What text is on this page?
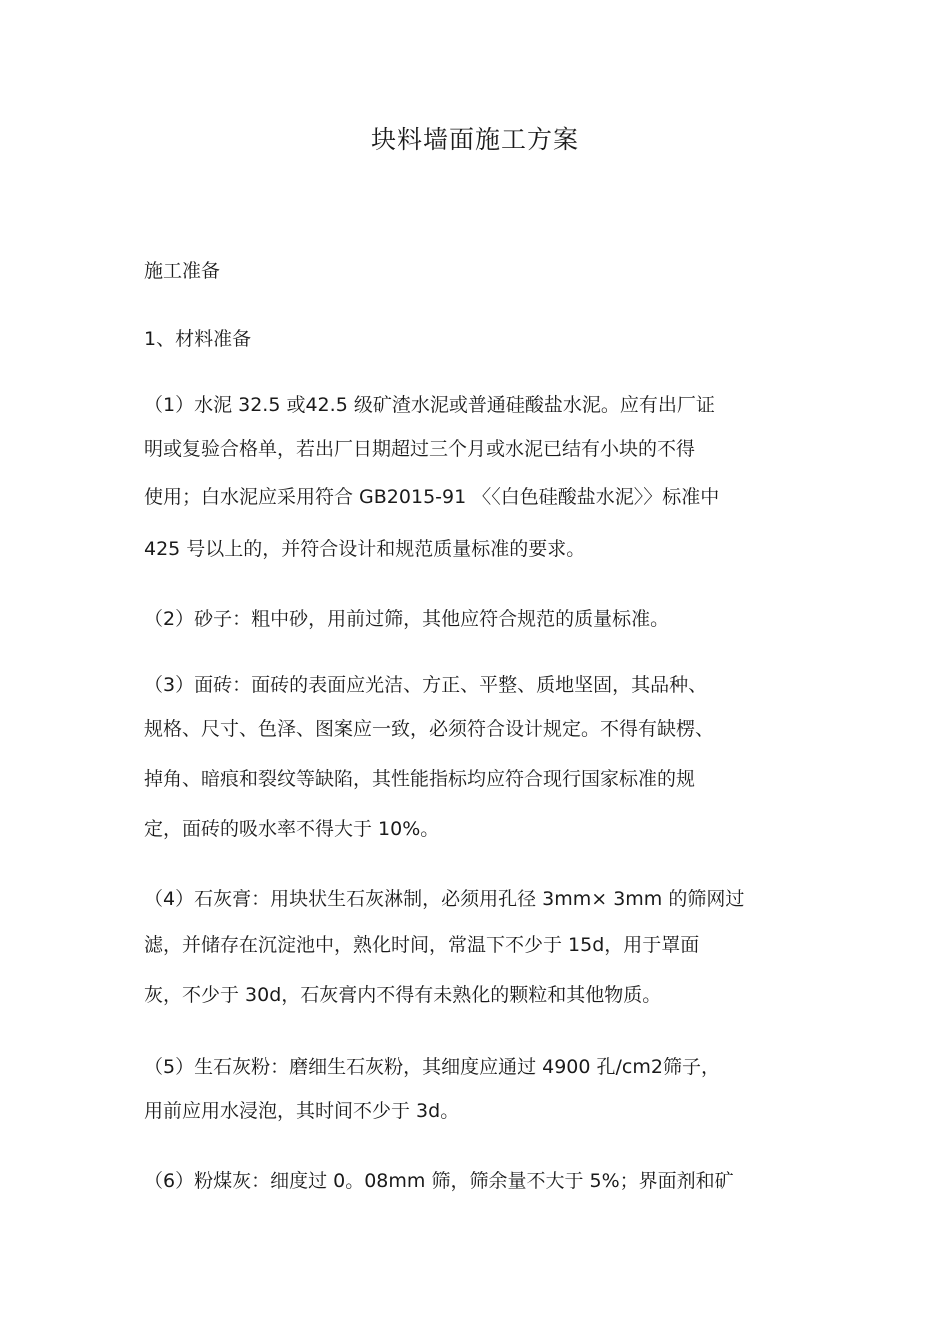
块料墙面施工方案
施工准备
1、材料准备
（1）水泥 32.5 或42.5 级矿渣水泥或普通硅酸盐水泥。应有出厂证
明或复验合格单，若出厂日期超过三个月或水泥已结有小块的不得
使用；白水泥应采用符合 GB2015-91 〈〈白色硅酸盐水泥〉〉标准中
425 号以上的，并符合设计和规范质量标准的要求。
（2）砂子：粗中砂，用前过筛，其他应符合规范的质量标准。
（3）面砖：面砖的表面应光洁、方正、平整、质地坚固，其品种、
规格、尺寸、色泽、图案应一致，必须符合设计规定。不得有缺楞、
掉角、暗痕和裂纹等缺陷，其性能指标均应符合现行国家标准的规
定，面砖的吸水率不得大于 10%。
（4）石灰膏：用块状生石灰淋制，必须用孔径 3mm× 3mm 的筛网过
滤，并储存在沉淀池中，熟化时间，常温下不少于 15d，用于罩面
灰，不少于 30d，石灰膏内不得有未熟化的颗粒和其他物质。
（5）生石灰粉：磨细生石灰粉，其细度应通过 4900 孔/cm2筛子，
用前应用水浸泡，其时间不少于 3d。
（6）粉煤灰：细度过 0。08mm 筛，筛余量不大于 5%；界面剂和矿
